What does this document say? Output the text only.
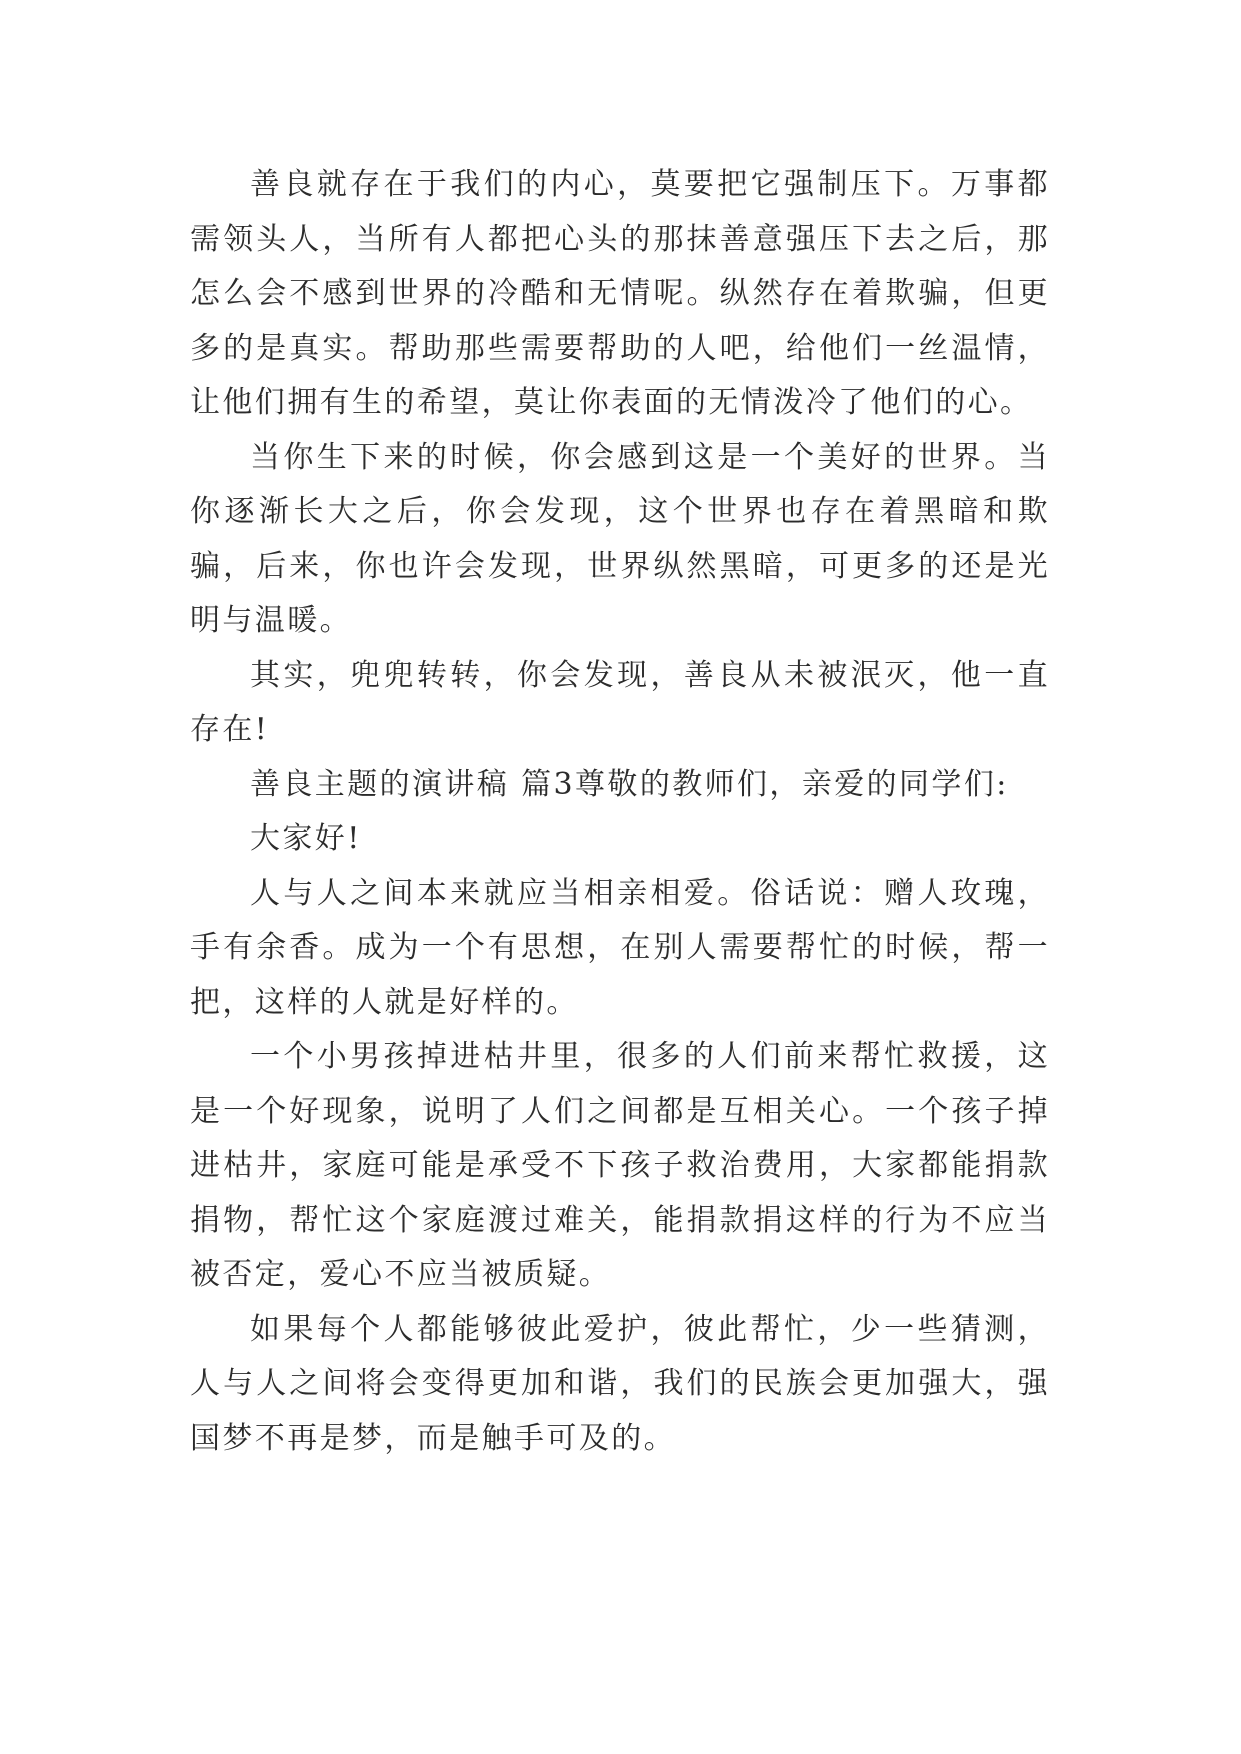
善良就存在于我们的内心，莫要把它强制压下。万事都需领头人，当所有人都把心头的那抹善意强压下去之后，那怎么会不感到世界的冷酷和无情呢。纵然存在着欺骗，但更多的是真实。帮助那些需要帮助的人吧，给他们一丝温情，让他们拥有生的希望，莫让你表面的无情泼冷了他们的心。

当你生下来的时候，你会感到这是一个美好的世界。当你逐渐长大之后，你会发现，这个世界也存在着黑暗和欺骗，后来，你也许会发现，世界纵然黑暗，可更多的还是光明与温暖。

其实，兜兜转转，你会发现，善良从未被泯灭，他一直存在!

善良主题的演讲稿 篇3尊敬的教师们，亲爱的同学们:

大家好!

人与人之间本来就应当相亲相爱。俗话说：赠人玫瑰，手有余香。成为一个有思想，在别人需要帮忙的时候，帮一把，这样的人就是好样的。

一个小男孩掉进枯井里，很多的人们前来帮忙救援，这是一个好现象，说明了人们之间都是互相关心。一个孩子掉进枯井，家庭可能是承受不下孩子救治费用，大家都能捐款捐物，帮忙这个家庭渡过难关，能捐款捐这样的行为不应当被否定，爱心不应当被质疑。

如果每个人都能够彼此爱护，彼此帮忙，少一些猜测，人与人之间将会变得更加和谐，我们的民族会更加强大，强国梦不再是梦，而是触手可及的。
